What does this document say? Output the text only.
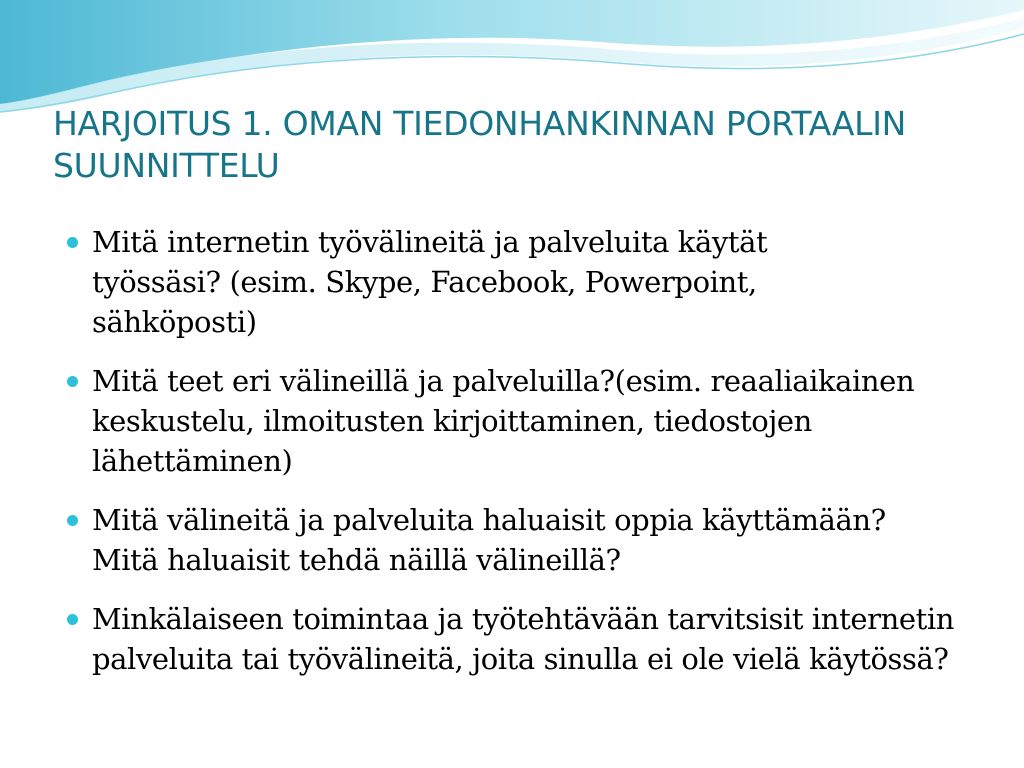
HARJOITUS 1. OMAN TIEDONHANKINNAN PORTAALIN SUUNNITTELU
Mitä internetin työvälineitä ja palveluita käytät työssäsi? (esim. Skype, Facebook, Powerpoint, sähköposti)
Mitä teet eri välineillä ja palveluilla?(esim. reaaliaikainen keskustelu, ilmoitusten kirjoittaminen, tiedostojen lähettäminen)
Mitä välineitä ja palveluita haluaisit oppia käyttämään? Mitä haluaisit tehdä näillä välineillä?
Minkälaiseen toimintaa ja työtehtävään tarvitsisit internetin palveluita tai työvälineitä, joita sinulla ei ole vielä käytössä?
